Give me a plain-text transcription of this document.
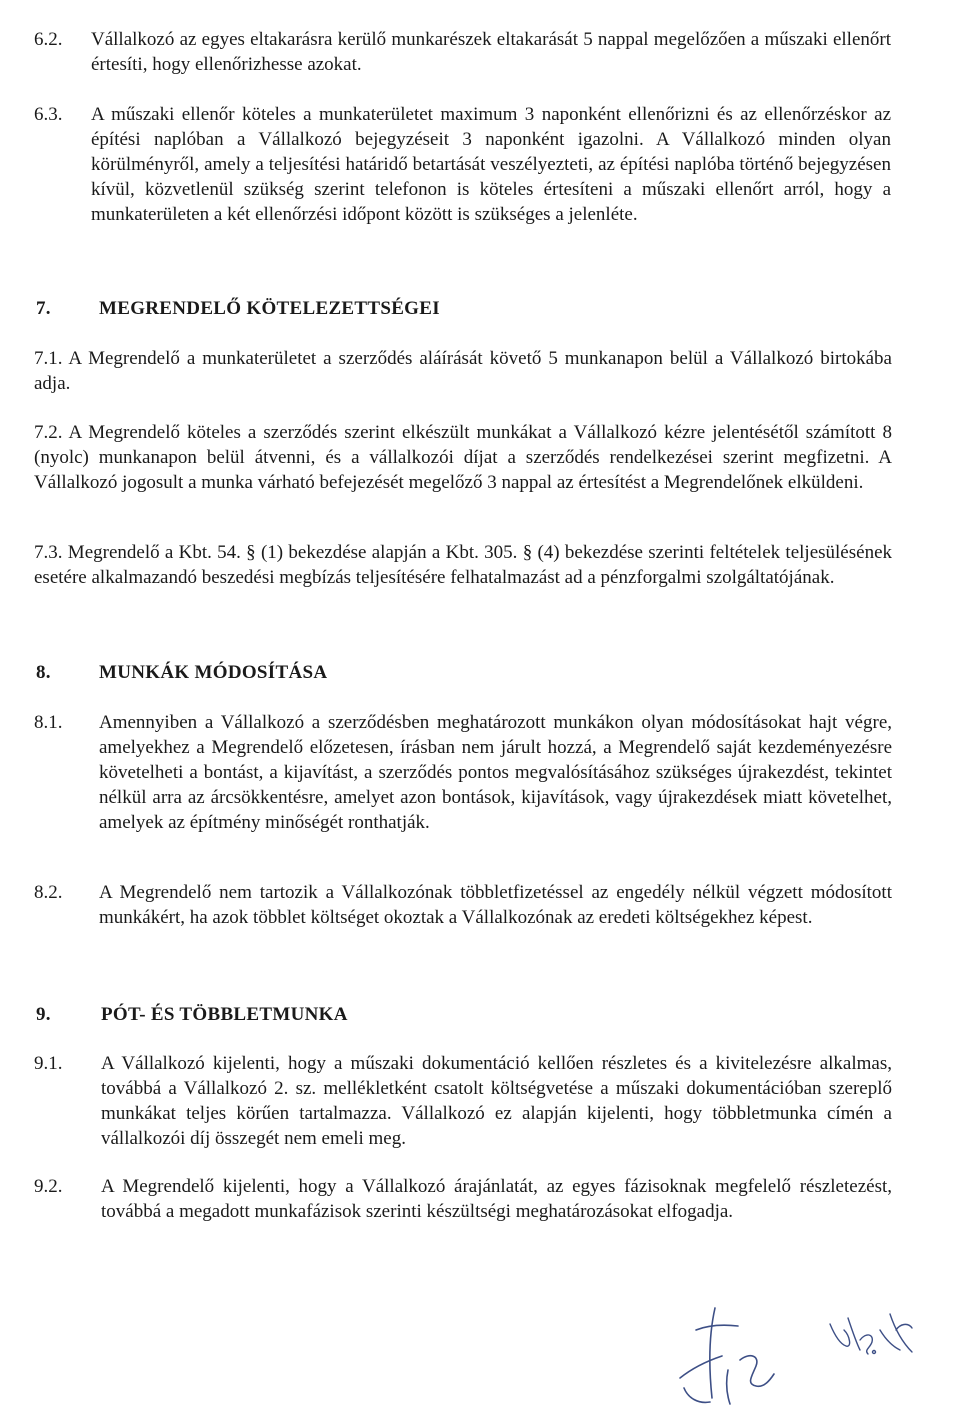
6.2. Vállalkozó az egyes eltakarásra kerülő munkarészek eltakarását 5 nappal megelőzően a műszaki ellenőrt értesíti, hogy ellenőrizhesse azokat.
6.3. A műszaki ellenőr köteles a munkaterületet maximum 3 naponként ellenőrizni és az ellenőrzéskor az építési naplóban a Vállalkozó bejegyzéseit 3 naponként igazolni. A Vállalkozó minden olyan körülményről, amely a teljesítési határidő betartását veszélyezteti, az építési naplóba történő bejegyzésen kívül, közvetlenül szükség szerint telefonon is köteles értesíteni a műszaki ellenőrt arról, hogy a munkaterületen a két ellenőrzési időpont között is szükséges a jelenléte.
7.	MEGRENDELŐ KÖTELEZETTSÉGEI
7.1. A Megrendelő a munkaterületet a szerződés aláírását követő 5 munkanapon belül a Vállalkozó birtokába adja.
7.2. A Megrendelő köteles a szerződés szerint elkészült munkákat a Vállalkozó kézre jelentésétől számított 8 (nyolc) munkanapon belül átvenni, és a vállalkozói díjat a szerződés rendelkezései szerint megfizetni. A Vállalkozó jogosult a munka várható befejezését megelőző 3 nappal az értesítést a Megrendelőnek elküldeni.
7.3. Megrendelő a Kbt. 54. § (1) bekezdése alapján a Kbt. 305. § (4) bekezdése szerinti feltételek teljesülésének esetére alkalmazandó beszedési megbízás teljesítésére felhatalmazást ad a pénzforgalmi szolgáltatójának.
8.	MUNKÁK MÓDOSÍTÁSA
8.1. Amennyiben a Vállalkozó a szerződésben meghatározott munkákon olyan módosításokat hajt végre, amelyekhez a Megrendelő előzetesen, írásban nem járult hozzá, a Megrendelő saját kezdeményezésre követelheti a bontást, a kijavítást, a szerződés pontos megvalósításához szükséges újrakezdést, tekintet nélkül arra az árcsökkentésre, amelyet azon bontások, kijavítások, vagy újrakezdések miatt követelhet, amelyek az építmény minőségét ronthatják.
8.2. A Megrendelő nem tartozik a Vállalkozónak többletfizetéssel az engedély nélkül végzett módosított munkákért, ha azok többlet költséget okoztak a Vállalkozónak az eredeti költségekhez képest.
9.	PÓT- ÉS TÖBBLETMUNKA
9.1. A Vállalkozó kijelenti, hogy a műszaki dokumentáció kellően részletes és a kivitelezésre alkalmas, továbbá a Vállalkozó 2. sz. mellékletként csatolt költségvetése a műszaki dokumentációban szereplő munkákat teljes körűen tartalmazza. Vállalkozó ez alapján kijelenti, hogy többletmunka címén a vállalkozói díj összegét nem emeli meg.
9.2. A Megrendelő kijelenti, hogy a Vállalkozó árajánlatát, az egyes fázisoknak megfelelő részletezést, továbbá a megadott munkafázisok szerinti készültségi meghatározásokat elfogadja.
